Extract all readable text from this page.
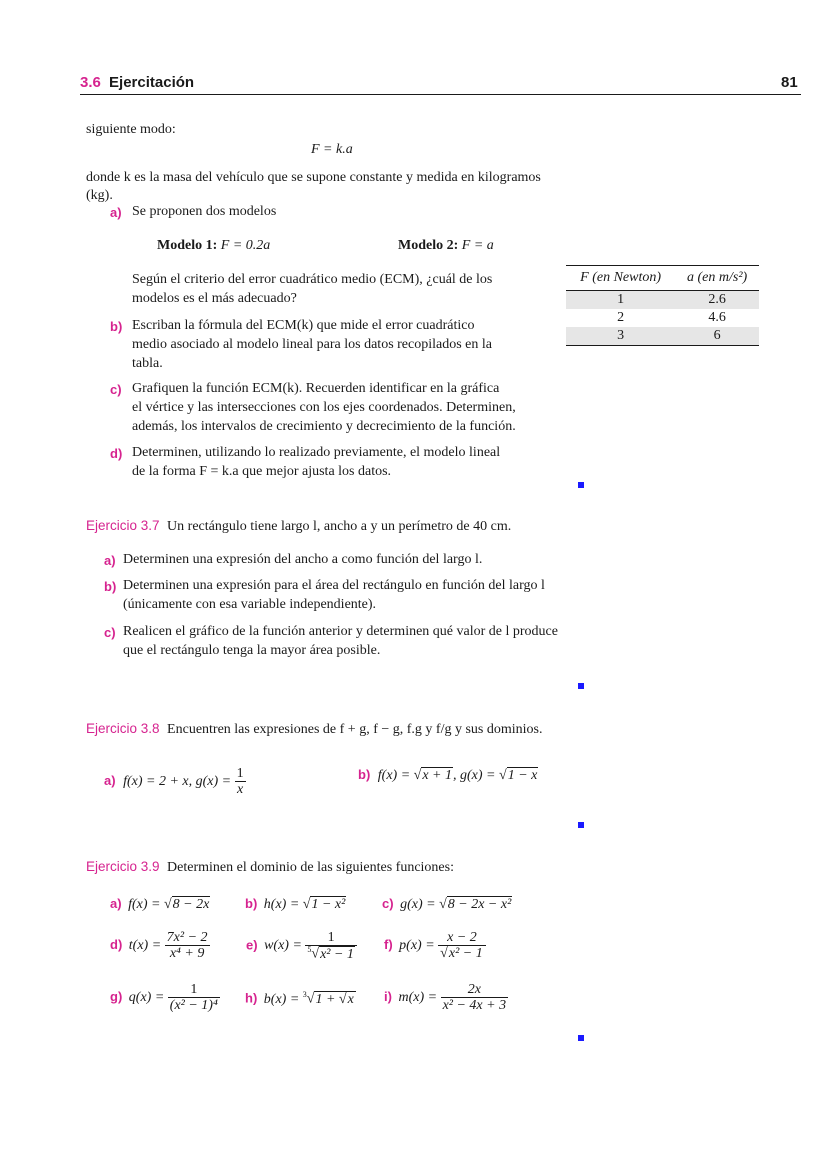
3.6 Ejercitación	81
siguiente modo:
F = k.a
donde k es la masa del vehículo que se supone constante y medida en kilogramos
(kg).
a) Se proponen dos modelos
Modelo 1: F = 0.2a	Modelo 2: F = a
Según el criterio del error cuadrático medio (ECM), ¿cuál de los
modelos es el más adecuado?
b) Escriban la fórmula del ECM(k) que mide el error cuadrático
medio asociado al modelo lineal para los datos recopilados en la
tabla.
c) Grafiquen la función ECM(k). Recuerden identificar en la gráfica
el vértice y las intersecciones con los ejes coordenados. Determinen,
además, los intervalos de crecimiento y decrecimiento de la función.
d) Determinen, utilizando lo realizado previamente, el modelo lineal
de la forma F = k.a que mejor ajusta los datos.
F (en Newton)	a (en m/s²)
1	2.6
2	4.6
3	6
Ejercicio 3.7 Un rectángulo tiene largo l, ancho a y un perímetro de 40 cm.
a) Determinen una expresión del ancho a como función del largo l.
b) Determinen una expresión para el área del rectángulo en función del largo l
(únicamente con esa variable independiente).
c) Realicen el gráfico de la función anterior y determinen qué valor de l produce
que el rectángulo tenga la mayor área posible.
Ejercicio 3.8 Encuentren las expresiones de f + g, f − g, f.g y f/g y sus dominios.
a) f(x) = 2 + x, $g(x) = \frac{1}{x}$	b) f(x) = √x + 1, g(x) = √1 − x
Ejercicio 3.9 Determinen el dominio de las siguientes funciones:
a) f(x) = √8 − 2x	b) h(x) = √1 − x²	c) g(x) = √8 − 2x − x²
d) $t(x) = \frac{\text{7x² − 2}}{\text{x⁴ + 9}}$	e) $w(x) = \frac{1}{^5√x^2 - 1} f$) $p(x) = \frac{x - 2}{\text{√x² − 1}}$
g) $q(x) = \frac{1}{\text{(x² − 1)⁴}} h$) b(x) = $^3$√1 + √x i) $m(x) = \frac{2x}{\text{x² − 4x + 3}}$
